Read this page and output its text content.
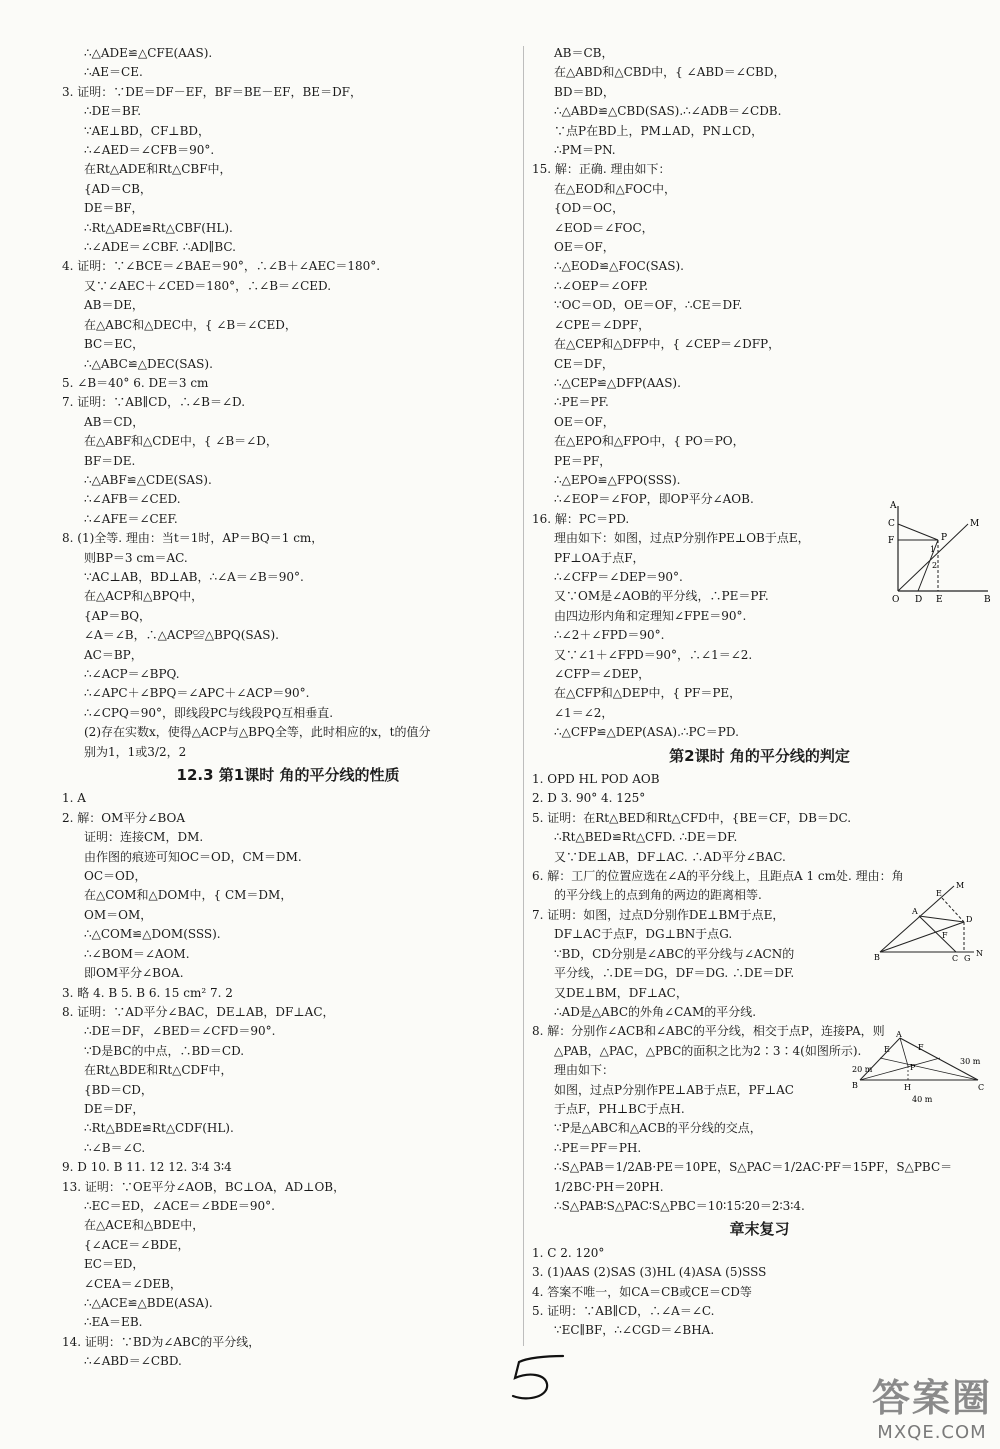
∴△ADE≌△CFE(AAS).
∴AE＝CE.
3. 证明：∵DE＝DF－EF，BF＝BE－EF，BE＝DF，
∴DE＝BF.
∵AE⊥BD，CF⊥BD，
∴∠AED＝∠CFB＝90°.
在Rt△ADE和Rt△CBF中，
{AD＝CB，
DE＝BF，
∴Rt△ADE≌Rt△CBF(HL).
∴∠ADE＝∠CBF. ∴AD∥BC.
4. 证明：∵∠BCE＝∠BAE＝90°，∴∠B＋∠AEC＝180°.
又∵∠AEC＋∠CED＝180°，∴∠B＝∠CED.
AB＝DE，
在△ABC和△DEC中，{ ∠B＝∠CED，
BC＝EC，
∴△ABC≌△DEC(SAS).
5. ∠B＝40° 6. DE＝3 cm
7. 证明：∵AB∥CD，∴∠B＝∠D.
AB＝CD，
在△ABF和△CDE中，{ ∠B＝∠D，
BF＝DE.
∴△ABF≌△CDE(SAS).
∴∠AFB＝∠CED.
∴∠AFE＝∠CEF.
8. (1)全等. 理由：当t＝1时，AP＝BQ＝1 cm，
则BP＝3 cm＝AC.
∵AC⊥AB，BD⊥AB，∴∠A＝∠B＝90°.
在△ACP和△BPQ中，
{AP＝BQ，
∠A＝∠B，∴△ACP≌△BPQ(SAS).
AC＝BP，
∴∠ACP＝∠BPQ.
∴∠APC＋∠BPQ＝∠APC＋∠ACP＝90°.
∴∠CPQ＝90°，即线段PC与线段PQ互相垂直.
(2)存在实数x，使得△ACP与△BPQ全等，此时相应的x，t的值分
别为1，1或3/2，2
12.3 第1课时 角的平分线的性质
1. A
2. 解：OM平分∠BOA
证明：连接CM，DM.
由作图的痕迹可知OC＝OD，CM＝DM.
OC＝OD，
在△COM和△DOM中，{ CM＝DM，
OM＝OM，
∴△COM≌△DOM(SSS).
∴∠BOM＝∠AOM.
即OM平分∠BOA.
3. 略 4. B 5. B 6. 15 cm² 7. 2
8. 证明：∵AD平分∠BAC，DE⊥AB，DF⊥AC，
∴DE＝DF，∠BED＝∠CFD＝90°.
∵D是BC的中点，∴BD＝CD.
在Rt△BDE和Rt△CDF中，
{BD＝CD，
DE＝DF，
∴Rt△BDE≌Rt△CDF(HL).
∴∠B＝∠C.
9. D 10. B 11. 12 12. 3∶4 3∶4
13. 证明：∵OE平分∠AOB，BC⊥OA，AD⊥OB，
∴EC＝ED，∠ACE＝∠BDE＝90°.
在△ACE和△BDE中，
{∠ACE＝∠BDE，
EC＝ED，
∠CEA＝∠DEB，
∴△ACE≌△BDE(ASA).
∴EA＝EB.
14. 证明：∵BD为∠ABC的平分线，
∴∠ABD＝∠CBD.
AB＝CB，
在△ABD和△CBD中，{ ∠ABD＝∠CBD，
BD＝BD，
∴△ABD≌△CBD(SAS).∴∠ADB＝∠CDB.
∵点P在BD上，PM⊥AD，PN⊥CD，
∴PM＝PN.
15. 解：正确. 理由如下：
在△EOD和△FOC中，
{OD＝OC，
∠EOD＝∠FOC，
OE＝OF，
∴△EOD≌△FOC(SAS).
∴∠OEP＝∠OFP.
∵OC＝OD，OE＝OF，∴CE＝DF.
∠CPE＝∠DPF，
在△CEP和△DFP中，{ ∠CEP＝∠DFP，
CE＝DF，
∴△CEP≌△DFP(AAS).
∴PE＝PF.
OE＝OF，
在△EPO和△FPO中，{ PO＝PO，
PE＝PF，
∴△EPO≌△FPO(SSS).
∴∠EOP＝∠FOP，即OP平分∠AOB.
16. 解：PC＝PD.
理由如下：如图，过点P分别作PE⊥OB于点E，
PF⊥OA于点F，
∴∠CFP＝∠DEP＝90°.
又∵OM是∠AOB的平分线，∴PE＝PF.
由四边形内角和定理知∠FPE＝90°.
∴∠2＋∠FPD＝90°.
又∵∠1＋∠FPD＝90°，∴∠1＝∠2.
∠CFP＝∠DEP，
在△CFP和△DEP中，{ PF＝PE，
∠1＝∠2，
∴△CFP≌△DEP(ASA).∴PC＝PD.
第2课时 角的平分线的判定
1. OPD HL POD AOB
2. D 3. 90° 4. 125°
5. 证明：在Rt△BED和Rt△CFD中，{BE＝CF，DB＝DC.
∴Rt△BED≌Rt△CFD. ∴DE＝DF.
又∵DE⊥AB，DF⊥AC. ∴AD平分∠BAC.
6. 解：工厂的位置应选在∠A的平分线上，且距点A 1 cm处. 理由：角
的平分线上的点到角的两边的距离相等.
7. 证明：如图，过点D分别作DE⊥BM于点E，
DF⊥AC于点F，DG⊥BN于点G.
∵BD，CD分别是∠ABC的平分线与∠ACN的
平分线，∴DE＝DG，DF＝DG. ∴DE＝DF.
又DE⊥BM，DF⊥AC，
∴AD是△ABC的外角∠CAM的平分线.
8. 解：分别作∠ACB和∠ABC的平分线，相交于点P，连接PA，则
△PAB，△PAC，△PBC的面积之比为2∶3∶4(如图所示).
理由如下：
如图，过点P分别作PE⊥AB于点E，PF⊥AC
于点F，PH⊥BC于点H.
∵P是△ABC和△ACB的平分线的交点，
∴PE＝PF＝PH.
∴S△PAB＝1/2AB·PE＝10PE，S△PAC＝1/2AC·PF＝15PF，S△PBC＝
1/2BC·PH＝20PH.
∴S△PAB∶S△PAC∶S△PBC＝10∶15∶20＝2∶3∶4.
章末复习
1. C 2. 120°
3. (1)AAS (2)SAS (3)HL (4)ASA (5)SSS
4. 答案不唯一，如CA＝CB或CE＝CD等
5. 证明：∵AB∥CD，∴∠A＝∠C.
∵EC∥BF，∴∠CGD＝∠BHA.
A
C	M
F	P
1
2
O D E	B
E
M
A
D
F
B	C G
N
A
E	F
30 m
20 m
B
P
H	C
40 m
答案圈
MXQE.COM
